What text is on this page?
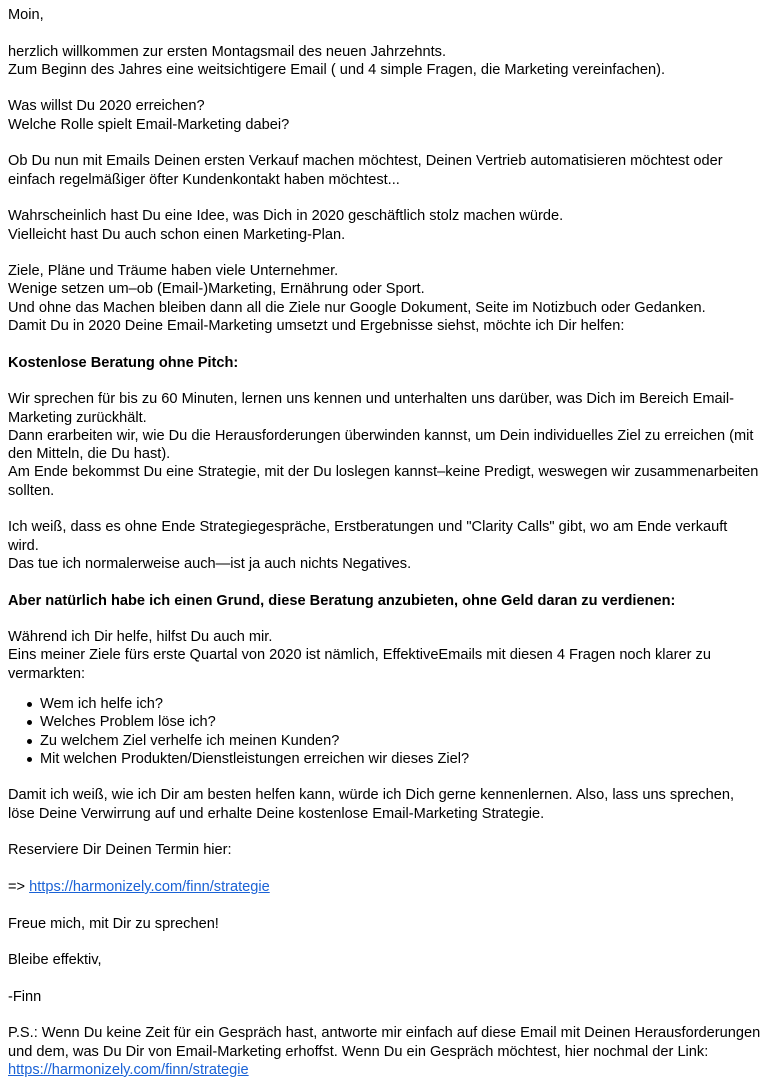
Moin,

herzlich willkommen zur ersten Montagsmail des neuen Jahrzehnts.
Zum Beginn des Jahres eine weitsichtigere Email ( und 4 simple Fragen, die Marketing vereinfachen).

Was willst Du 2020 erreichen?
Welche Rolle spielt Email-Marketing dabei?

Ob Du nun mit Emails Deinen ersten Verkauf machen möchtest, Deinen Vertrieb automatisieren möchtest oder einfach regelmäßiger öfter Kundenkontakt haben möchtest...

Wahrscheinlich hast Du eine Idee, was Dich in 2020 geschäftlich stolz machen würde.
Vielleicht hast Du auch schon einen Marketing-Plan.

Ziele, Pläne und Träume haben viele Unternehmer.
Wenige setzen um–ob (Email-)Marketing, Ernährung oder Sport.
Und ohne das Machen bleiben dann all die Ziele nur Google Dokument, Seite im Notizbuch oder Gedanken.
Damit Du in 2020 Deine Email-Marketing umsetzt und Ergebnisse siehst, möchte ich Dir helfen:

Kostenlose Beratung ohne Pitch:

Wir sprechen für bis zu 60 Minuten, lernen uns kennen und unterhalten uns darüber, was Dich im Bereich Email-Marketing zurückhält.
Dann erarbeiten wir, wie Du die Herausforderungen überwinden kannst, um Dein individuelles Ziel zu erreichen (mit den Mitteln, die Du hast).
Am Ende bekommst Du eine Strategie, mit der Du loslegen kannst–keine Predigt, weswegen wir zusammenarbeiten sollten.

Ich weiß, dass es ohne Ende Strategiegespräche, Erstberatungen und "Clarity Calls" gibt, wo am Ende verkauft wird.
Das tue ich normalerweise auch—ist ja auch nichts Negatives.

Aber natürlich habe ich einen Grund, diese Beratung anzubieten, ohne Geld daran zu verdienen:

Während ich Dir helfe, hilfst Du auch mir.
Eins meiner Ziele fürs erste Quartal von 2020 ist nämlich, EffektiveEmails mit diesen 4 Fragen noch klarer zu vermarkten:

Wem ich helfe ich?
Welches Problem löse ich?
Zu welchem Ziel verhelfe ich meinen Kunden?
Mit welchen Produkten/Dienstleistungen erreichen wir dieses Ziel?

Damit ich weiß, wie ich Dir am besten helfen kann, würde ich Dich gerne kennenlernen. Also, lass uns sprechen, löse Deine Verwirrung auf und erhalte Deine kostenlose Email-Marketing Strategie.

Reserviere Dir Deinen Termin hier:

=> https://harmonizely.com/finn/strategie

Freue mich, mit Dir zu sprechen!

Bleibe effektiv,

-Finn

P.S.: Wenn Du keine Zeit für ein Gespräch hast, antworte mir einfach auf diese Email mit Deinen Herausforderungen und dem, was Du Dir von Email-Marketing erhoffst. Wenn Du ein Gespräch möchtest, hier nochmal der Link: https://harmonizely.com/finn/strategie
